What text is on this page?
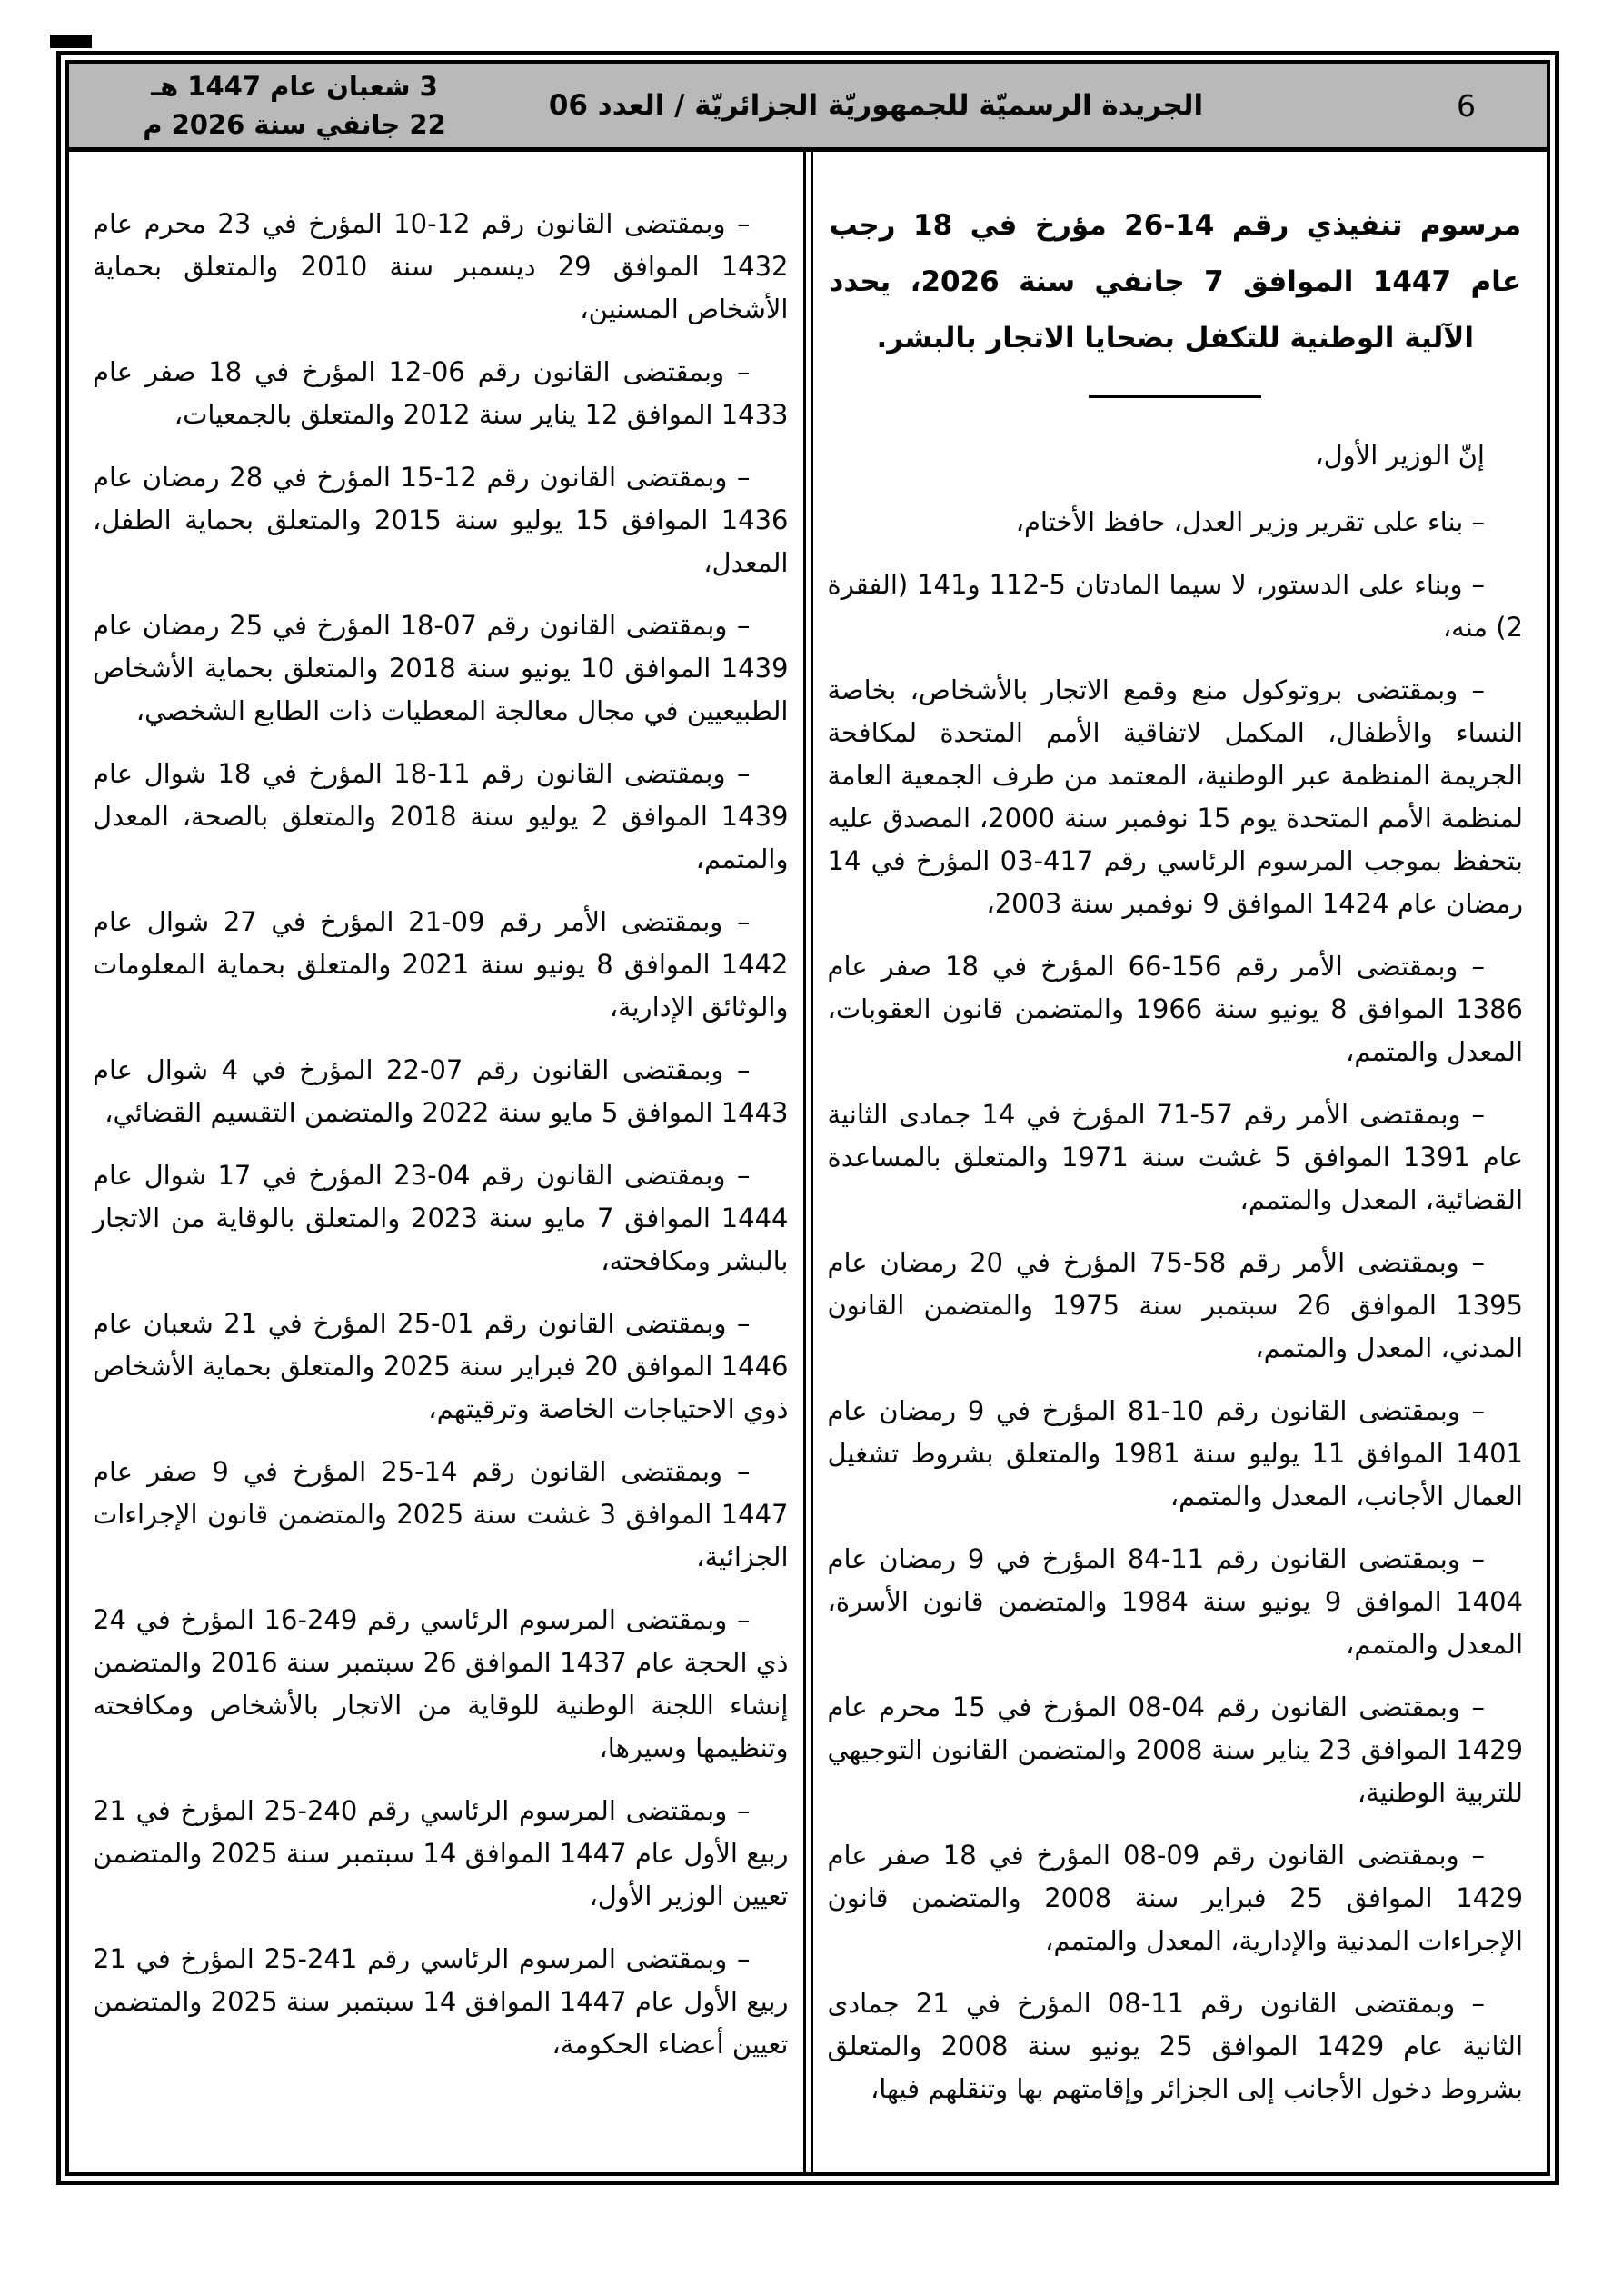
3 شعبان عام 1447 هـ
22 جانفي سنة 2026 م
الجريدة الرسميّة للجمهوريّة الجزائريّة / العدد 06	6
مرسوم تنفيذي رقم 14-26 مؤرخ في 18 رجب عام 1447 الموافق 7 جانفي سنة 2026، يحدد الآلية الوطنية للتكفل بضحايا الاتجار بالبشر.

إنّ الوزير الأول،

– بناء على تقرير وزير العدل، حافظ الأختام،

– وبناء على الدستور، لا سيما المادتان 5-112 و141 (الفقرة 2) منه،

– وبمقتضى بروتوكول منع وقمع الاتجار بالأشخاص، بخاصة النساء والأطفال، المكمل لاتفاقية الأمم المتحدة لمكافحة الجريمة المنظمة عبر الوطنية، المعتمد من طرف الجمعية العامة لمنظمة الأمم المتحدة يوم 15 نوفمبر سنة 2000، المصدق عليه بتحفظ بموجب المرسوم الرئاسي رقم 417-03 المؤرخ في 14 رمضان عام 1424 الموافق 9 نوفمبر سنة 2003،

– وبمقتضى الأمر رقم 156-66 المؤرخ في 18 صفر عام 1386 الموافق 8 يونيو سنة 1966 والمتضمن قانون العقوبات، المعدل والمتمم،

– وبمقتضى الأمر رقم 57-71 المؤرخ في 14 جمادى الثانية عام 1391 الموافق 5 غشت سنة 1971 والمتعلق بالمساعدة القضائية، المعدل والمتمم،

– وبمقتضى الأمر رقم 58-75 المؤرخ في 20 رمضان عام 1395 الموافق 26 سبتمبر سنة 1975 والمتضمن القانون المدني، المعدل والمتمم،

– وبمقتضى القانون رقم 10-81 المؤرخ في 9 رمضان عام 1401 الموافق 11 يوليو سنة 1981 والمتعلق بشروط تشغيل العمال الأجانب، المعدل والمتمم،

– وبمقتضى القانون رقم 11-84 المؤرخ في 9 رمضان عام 1404 الموافق 9 يونيو سنة 1984 والمتضمن قانون الأسرة، المعدل والمتمم،

– وبمقتضى القانون رقم 04-08 المؤرخ في 15 محرم عام 1429 الموافق 23 يناير سنة 2008 والمتضمن القانون التوجيهي للتربية الوطنية،

– وبمقتضى القانون رقم 09-08 المؤرخ في 18 صفر عام 1429 الموافق 25 فبراير سنة 2008 والمتضمن قانون الإجراءات المدنية والإدارية، المعدل والمتمم،

– وبمقتضى القانون رقم 11-08 المؤرخ في 21 جمادى الثانية عام 1429 الموافق 25 يونيو سنة 2008 والمتعلق بشروط دخول الأجانب إلى الجزائر وإقامتهم بها وتنقلهم فيها،

– وبمقتضى القانون رقم 12-10 المؤرخ في 23 محرم عام 1432 الموافق 29 ديسمبر سنة 2010 والمتعلق بحماية الأشخاص المسنين،

– وبمقتضى القانون رقم 06-12 المؤرخ في 18 صفر عام 1433 الموافق 12 يناير سنة 2012 والمتعلق بالجمعيات،

– وبمقتضى القانون رقم 12-15 المؤرخ في 28 رمضان عام 1436 الموافق 15 يوليو سنة 2015 والمتعلق بحماية الطفل، المعدل،

– وبمقتضى القانون رقم 07-18 المؤرخ في 25 رمضان عام 1439 الموافق 10 يونيو سنة 2018 والمتعلق بحماية الأشخاص الطبيعيين في مجال معالجة المعطيات ذات الطابع الشخصي،

– وبمقتضى القانون رقم 11-18 المؤرخ في 18 شوال عام 1439 الموافق 2 يوليو سنة 2018 والمتعلق بالصحة، المعدل والمتمم،

– وبمقتضى الأمر رقم 09-21 المؤرخ في 27 شوال عام 1442 الموافق 8 يونيو سنة 2021 والمتعلق بحماية المعلومات والوثائق الإدارية،

– وبمقتضى القانون رقم 07-22 المؤرخ في 4 شوال عام 1443 الموافق 5 مايو سنة 2022 والمتضمن التقسيم القضائي،

– وبمقتضى القانون رقم 04-23 المؤرخ في 17 شوال عام 1444 الموافق 7 مايو سنة 2023 والمتعلق بالوقاية من الاتجار بالبشر ومكافحته،

– وبمقتضى القانون رقم 01-25 المؤرخ في 21 شعبان عام 1446 الموافق 20 فبراير سنة 2025 والمتعلق بحماية الأشخاص ذوي الاحتياجات الخاصة وترقيتهم،

– وبمقتضى القانون رقم 14-25 المؤرخ في 9 صفر عام 1447 الموافق 3 غشت سنة 2025 والمتضمن قانون الإجراءات الجزائية،

– وبمقتضى المرسوم الرئاسي رقم 249-16 المؤرخ في 24 ذي الحجة عام 1437 الموافق 26 سبتمبر سنة 2016 والمتضمن إنشاء اللجنة الوطنية للوقاية من الاتجار بالأشخاص ومكافحته وتنظيمها وسيرها،

– وبمقتضى المرسوم الرئاسي رقم 240-25 المؤرخ في 21 ربيع الأول عام 1447 الموافق 14 سبتمبر سنة 2025 والمتضمن تعيين الوزير الأول،

– وبمقتضى المرسوم الرئاسي رقم 241-25 المؤرخ في 21 ربيع الأول عام 1447 الموافق 14 سبتمبر سنة 2025 والمتضمن تعيين أعضاء الحكومة،
